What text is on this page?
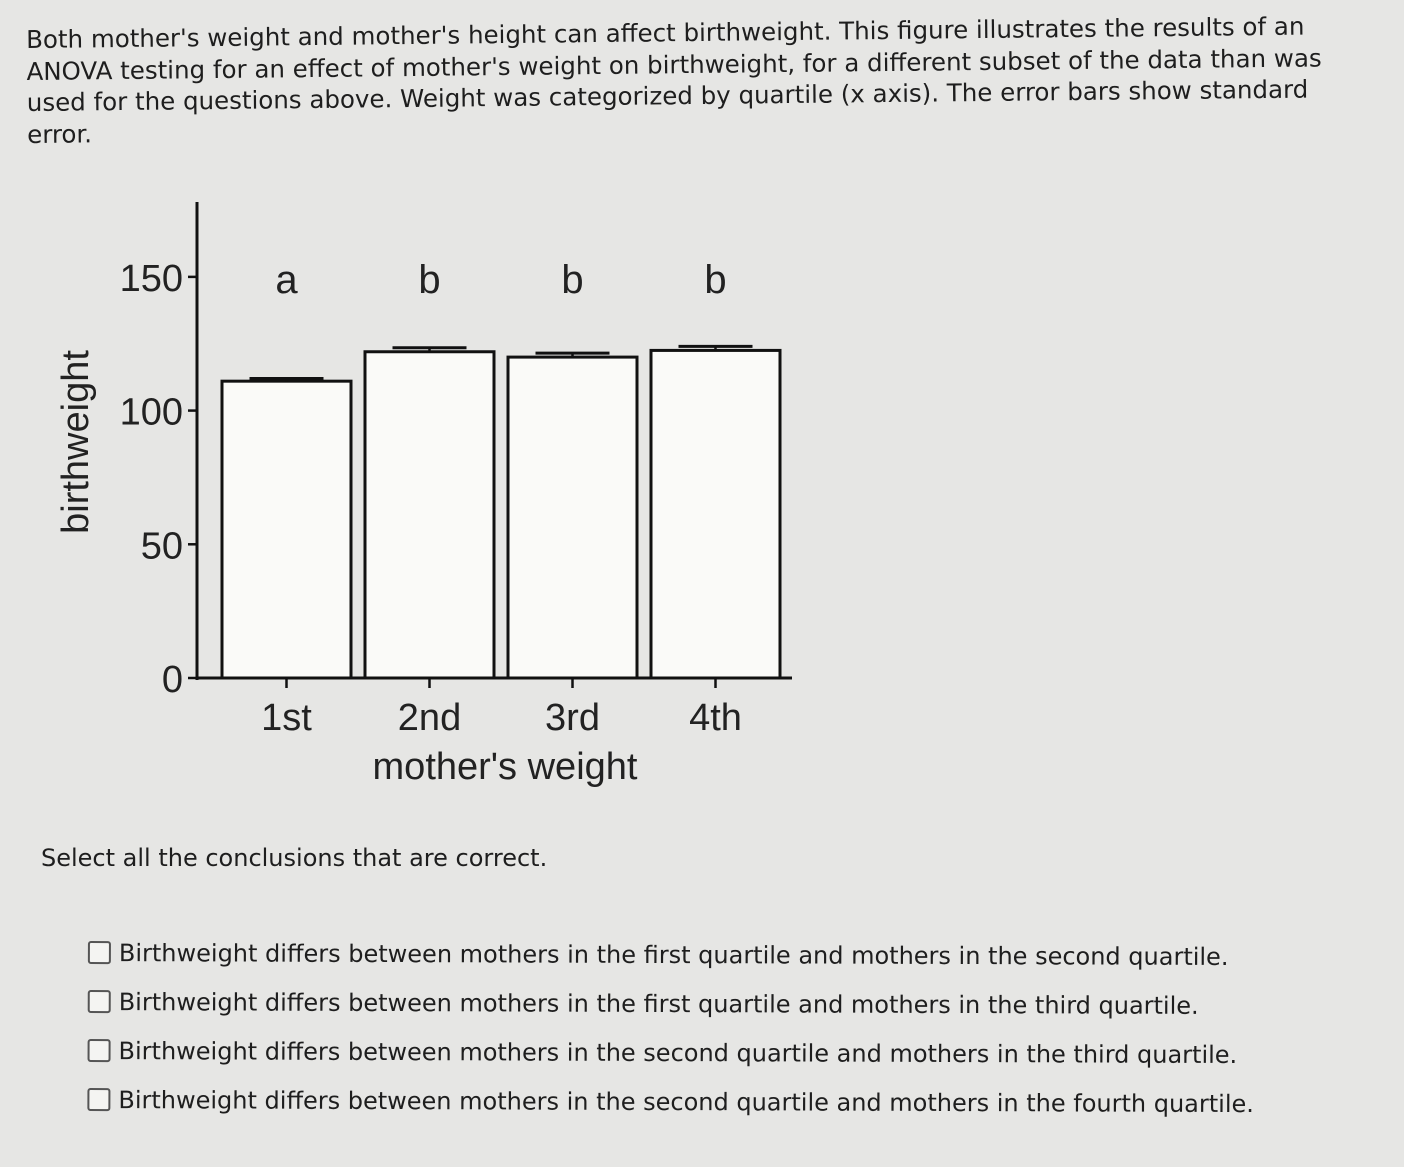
Both mother's weight and mother's height can affect birthweight. This figure illustrates the results of an ANOVA testing for an effect of mother's weight on birthweight, for a different subset of the data than was used for the questions above. Weight was categorized by quartile (x axis). The error bars show standard error.

0
50
100
150
birthweight
1st
a
2nd
b
3rd
b
4th
b
mother's weight

Select all the conclusions that are correct.

Birthweight differs between mothers in the first quartile and mothers in the second quartile.
Birthweight differs between mothers in the first quartile and mothers in the third quartile.
Birthweight differs between mothers in the second quartile and mothers in the third quartile.
Birthweight differs between mothers in the second quartile and mothers in the fourth quartile.
